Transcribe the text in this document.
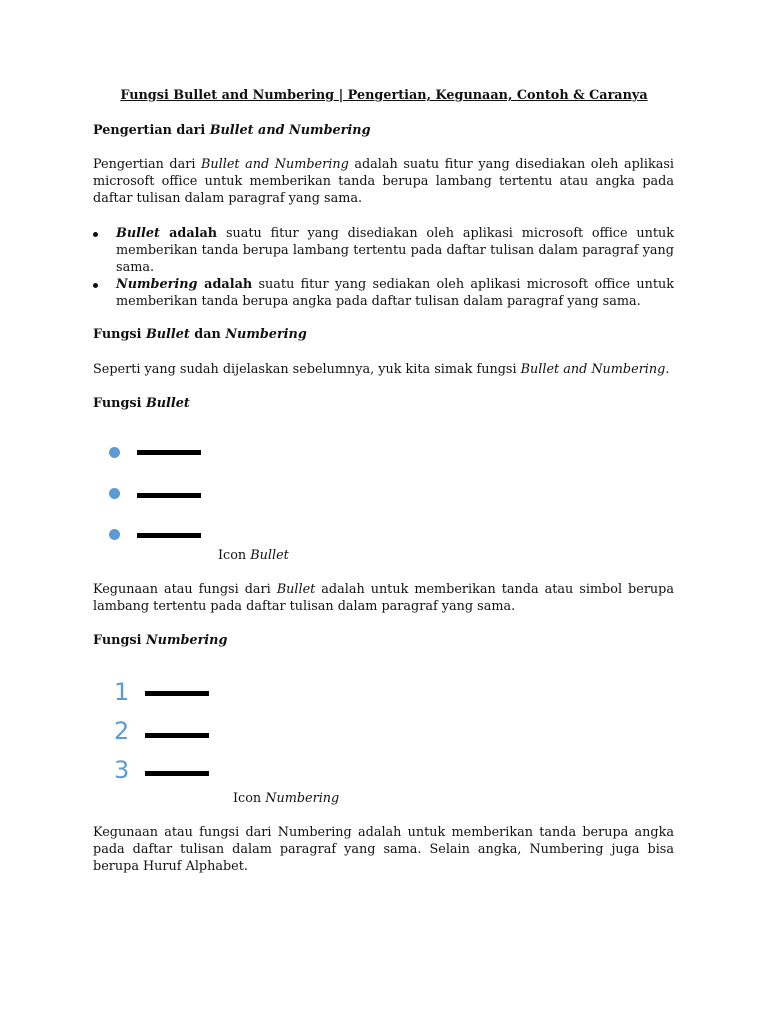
Fungsi Bullet and Numbering | Pengertian, Kegunaan, Contoh & Caranya

Pengertian dari Bullet and Numbering

Pengertian dari Bullet and Numbering adalah suatu fitur yang disediakan oleh aplikasi microsoft office untuk memberikan tanda berupa lambang tertentu atau angka pada daftar tulisan dalam paragraf yang sama.

Bullet adalah suatu fitur yang disediakan oleh aplikasi microsoft office untuk memberikan tanda berupa lambang tertentu pada daftar tulisan dalam paragraf yang sama.
Numbering adalah suatu fitur yang sediakan oleh aplikasi microsoft office untuk memberikan tanda berupa angka pada daftar tulisan dalam paragraf yang sama.

Fungsi Bullet dan Numbering

Seperti yang sudah dijelaskan sebelumnya, yuk kita simak fungsi Bullet and Numbering.

Fungsi Bullet

Icon Bullet

Kegunaan atau fungsi dari Bullet adalah untuk memberikan tanda atau simbol berupa lambang tertentu pada daftar tulisan dalam paragraf yang sama.

Fungsi Numbering

1
2
3

Icon Numbering

Kegunaan atau fungsi dari Numbering adalah untuk memberikan tanda berupa angka pada daftar tulisan dalam paragraf yang sama. Selain angka, Numbering juga bisa berupa Huruf Alphabet.
